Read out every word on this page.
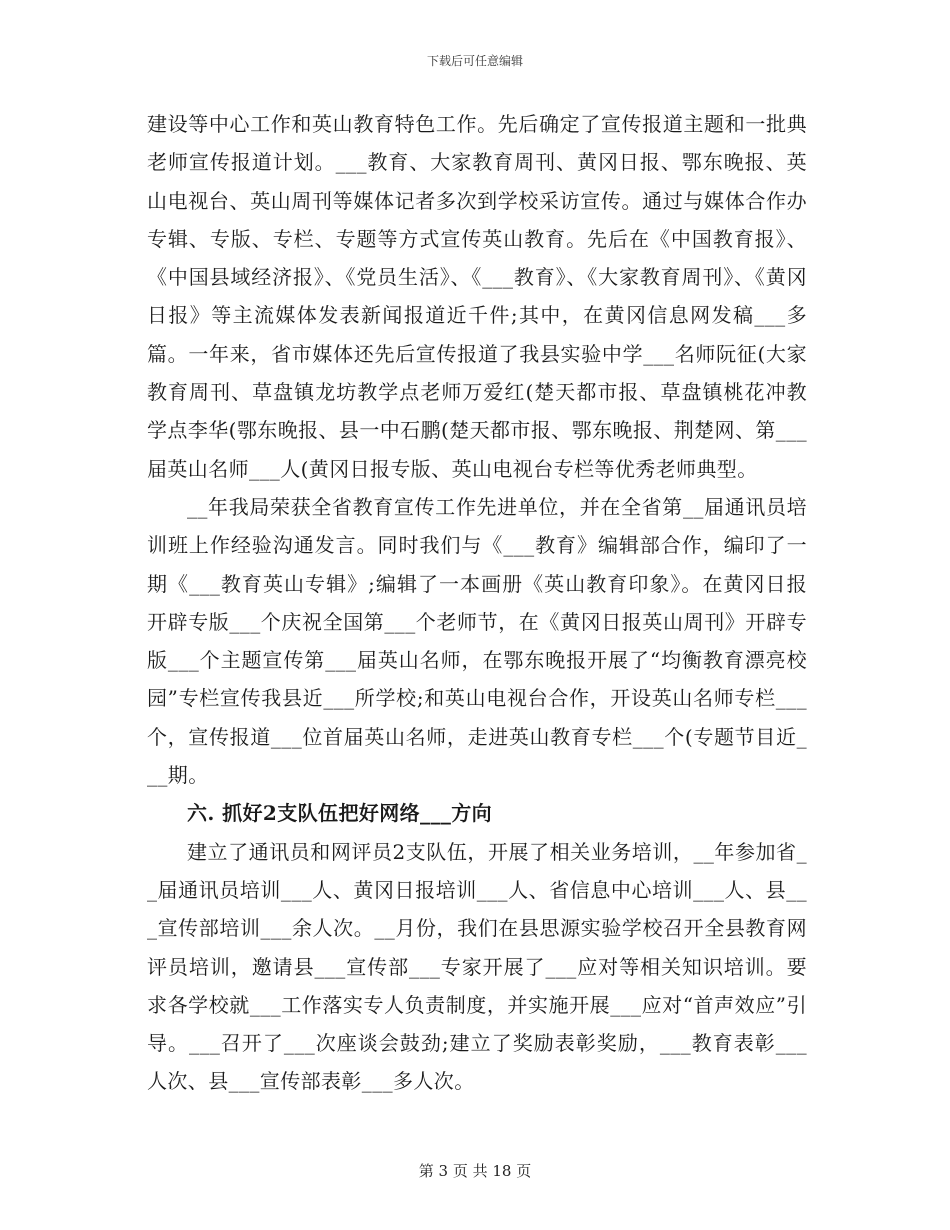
下载后可任意编辑

建设等中心工作和英山教育特色工作。先后确定了宣传报道主题和一批典老师宣传报道计划。___教育、大家教育周刊、黄冈日报、鄂东晚报、英山电视台、英山周刊等媒体记者多次到学校采访宣传。通过与媒体合作办专辑、专版、专栏、专题等方式宣传英山教育。先后在《中国教育报》、《中国县域经济报》、《党员生活》、《___教育》、《大家教育周刊》、《黄冈日报》等主流媒体发表新闻报道近千件;其中，在黄冈信息网发稿___多篇。一年来，省市媒体还先后宣传报道了我县实验中学___名师阮征(大家教育周刊、草盘镇龙坊教学点老师万爱红(楚天都市报、草盘镇桃花冲教学点李华(鄂东晚报、县一中石鹏(楚天都市报、鄂东晚报、荆楚网、第___届英山名师___人(黄冈日报专版、英山电视台专栏等优秀老师典型。

__年我局荣获全省教育宣传工作先进单位，并在全省第__届通讯员培训班上作经验沟通发言。同时我们与《___教育》编辑部合作，编印了一期《___教育英山专辑》;编辑了一本画册《英山教育印象》。在黄冈日报开辟专版___个庆祝全国第___个老师节，在《黄冈日报英山周刊》开辟专版___个主题宣传第___届英山名师，在鄂东晚报开展了“均衡教育漂亮校园”专栏宣传我县近___所学校;和英山电视台合作，开设英山名师专栏___个，宣传报道___位首届英山名师，走进英山教育专栏___个(专题节目近___期。

六. 抓好2支队伍把好网络___方向

建立了通讯员和网评员2支队伍，开展了相关业务培训，__年参加省__届通讯员培训___人、黄冈日报培训___人、省信息中心培训___人、县___宣传部培训___余人次。__月份，我们在县思源实验学校召开全县教育网评员培训，邀请县___宣传部___专家开展了___应对等相关知识培训。要求各学校就___工作落实专人负责制度，并实施开展___应对“首声效应”引导。___召开了___次座谈会鼓劲;建立了奖励表彰奖励，___教育表彰___人次、县___宣传部表彰___多人次。

第 3 页 共 18 页
